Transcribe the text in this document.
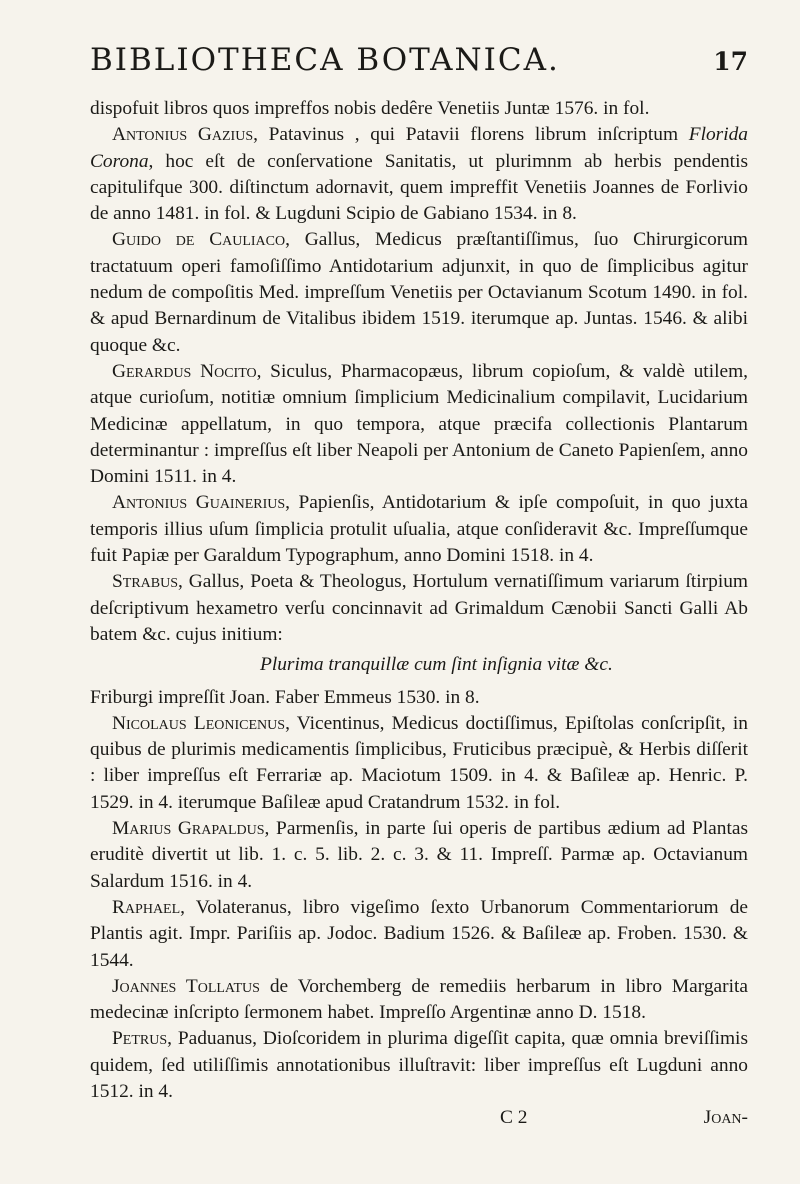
BIBLIOTHECA BOTANICA.	17

dispofuit libros quos impreffos nobis dedêre Venetiis Juntæ 1576. in fol.

Antonius Gazius, Patavinus , qui Patavii florens librum inſcriptum Florida Corona, hoc eſt de conſervatione Sanitatis, ut plurimnm ab herbis pendentis capitulifque 300. diſtinctum adornavit, quem impreffit Venetiis Joannes de Forlivio de anno 1481. in fol. & Lugduni Scipio de Gabiano 1534. in 8.

Guido de Cauliaco, Gallus, Medicus præſtantiſſimus, ſuo Chirurgicorum tractatuum operi famoſiſſimo Antidotarium adjunxit, in quo de ſimplicibus agitur nedum de compoſitis Med. impreſſum Venetiis per Octavianum Scotum 1490. in fol. & apud Bernardinum de Vitalibus ibidem 1519. iterumque ap. Juntas. 1546. & alibi quoque &c.

Gerardus Nocito, Siculus, Pharmacopæus, librum copioſum, & valdè utilem, atque curioſum, notitiæ omnium ſimplicium Medicinalium compilavit, Lucidarium Medicinæ appellatum, in quo tempora, atque præcifa collectionis Plantarum determinantur : impreſſus eſt liber Neapoli per Antonium de Caneto Papienſem, anno Domini 1511. in 4.

Antonius Guainerius, Papienſis, Antidotarium & ipſe compoſuit, in quo juxta temporis illius uſum ſimplicia protulit uſualia, atque conſideravit &c. Impreſſumque fuit Papiæ per Garaldum Typographum, anno Domini 1518. in 4.

Strabus, Gallus, Poeta & Theologus, Hortulum vernatiſſimum variarum ſtirpium deſcriptivum hexametro verſu concinnavit ad Grimaldum Cænobii Sancti Galli Ab batem &c. cujus initium:

Plurima tranquillæ cum ſint inſignia vitæ &c.

Friburgi impreſſit Joan. Faber Emmeus 1530. in 8.

Nicolaus Leonicenus, Vicentinus, Medicus doctiſſimus, Epiſtolas conſcripſit, in quibus de plurimis medicamentis ſimplicibus, Fruticibus præcipuè, & Herbis diſſerit : liber impreſſus eſt Ferrariæ ap. Maciotum 1509. in 4. & Baſileæ ap. Henric. P. 1529. in 4. iterumque Baſileæ apud Cratandrum 1532. in fol.

Marius Grapaldus, Parmenſis, in parte ſui operis de partibus ædium ad Plantas eruditè divertit ut lib. 1. c. 5. lib. 2. c. 3. & 11. Impreſſ. Parmæ ap. Octavianum Salardum 1516. in 4.

Raphael, Volateranus, libro vigeſimo ſexto Urbanorum Commentariorum de Plantis agit. Impr. Pariſiis ap. Jodoc. Badium 1526. & Baſileæ ap. Froben. 1530. & 1544.

Joannes Tollatus de Vorchemberg de remediis herbarum in libro Margarita medecinæ inſcripto ſermonem habet. Impreſſo Argentinæ anno D. 1518.

Petrus, Paduanus, Dioſcoridem in plurima digeſſit capita, quæ omnia breviſſimis quidem, ſed utiliſſimis annotationibus illuſtravit: liber impreſſus eſt Lugduni anno 1512. in 4.

C 2	Joan-
